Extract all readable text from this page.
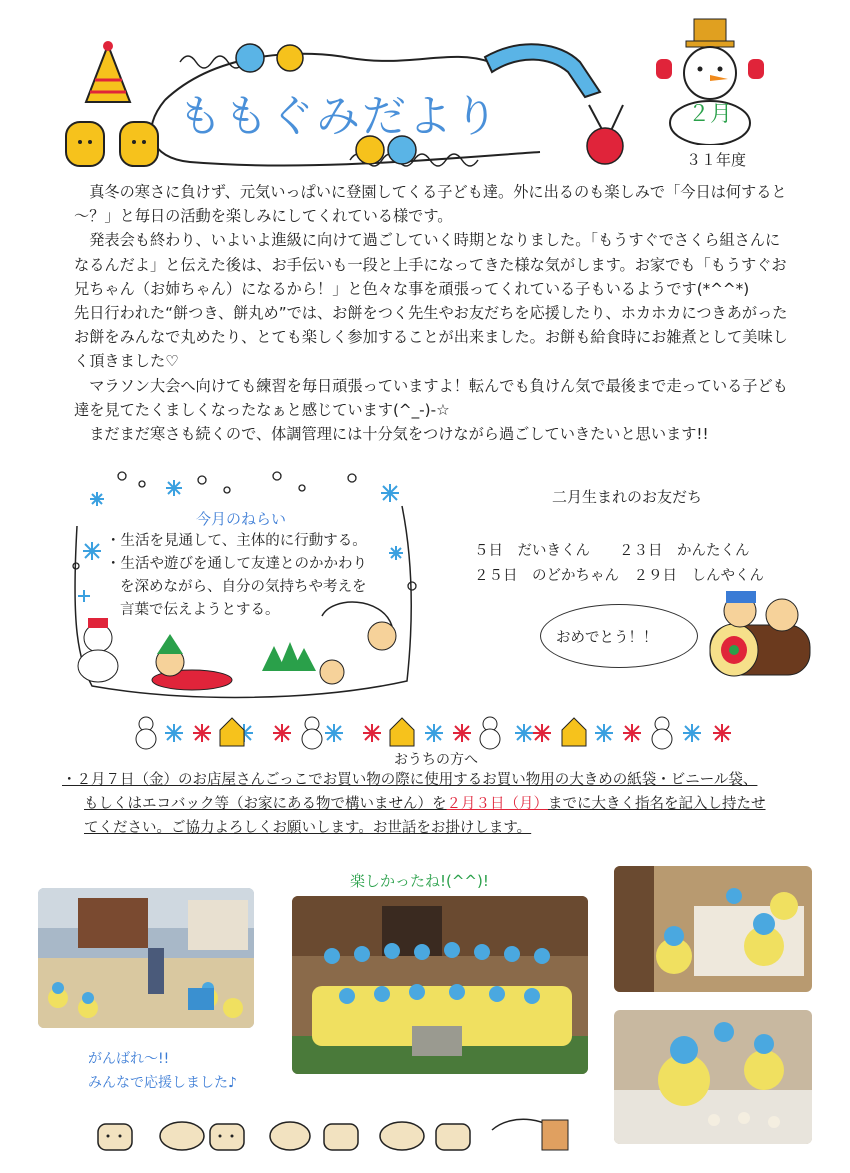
ももぐみだより	２月
３１年度

真冬の寒さに負けず、元気いっぱいに登園してくる子ども達。外に出るのも楽しみで「今日は何すると～？」と毎日の活動を楽しみにしてくれている様です。

発表会も終わり、いよいよ進級に向けて過ごしていく時期となりました。「もうすぐでさくら組さんになるんだよ」と伝えた後は、お手伝いも一段と上手になってきた様な気がします。お家でも「もうすぐお兄ちゃん（お姉ちゃん）になるから！」と色々な事を頑張ってくれている子もいるようです(*^^*)

先日行われた“餅つき、餅丸め”では、お餅をつく先生やお友だちを応援したり、ホカホカにつきあがったお餅をみんなで丸めたり、とても楽しく参加することが出来ました。お餅も給食時にお雑煮として美味しく頂きました♡

マラソン大会へ向けても練習を毎日頑張っていますよ！転んでも負けん気で最後まで走っている子ども達を見てたくましくなったなぁと感じています(^_-)-☆

まだまだ寒さも続くので、体調管理には十分気をつけながら過ごしていきたいと思います!!

今月のねらい
・生活を見通して、主体的に行動する。
・生活や遊びを通して友達とのかかわり
を深めながら、自分の気持ちや考えを
言葉で伝えようとする。
二月生まれのお友だち
５日　だいきくん　　２３日　かんたくん
２５日　のどかちゃん　２９日　しんやくん
おめでとう！！
おうちの方へ

・２月７日（金）のお店屋さんごっこでお買い物の際に使用するお買い物用の大きめの紙袋・ビニール袋、

もしくはエコバック等（お家にある物で構いません）を２月３日（月）までに大きく指名を記入し持たせ

てください。ご協力よろしくお願いします。お世話をお掛けします。

楽しかったね!(^^)!
がんばれ～!!
みんなで応援しました♪
